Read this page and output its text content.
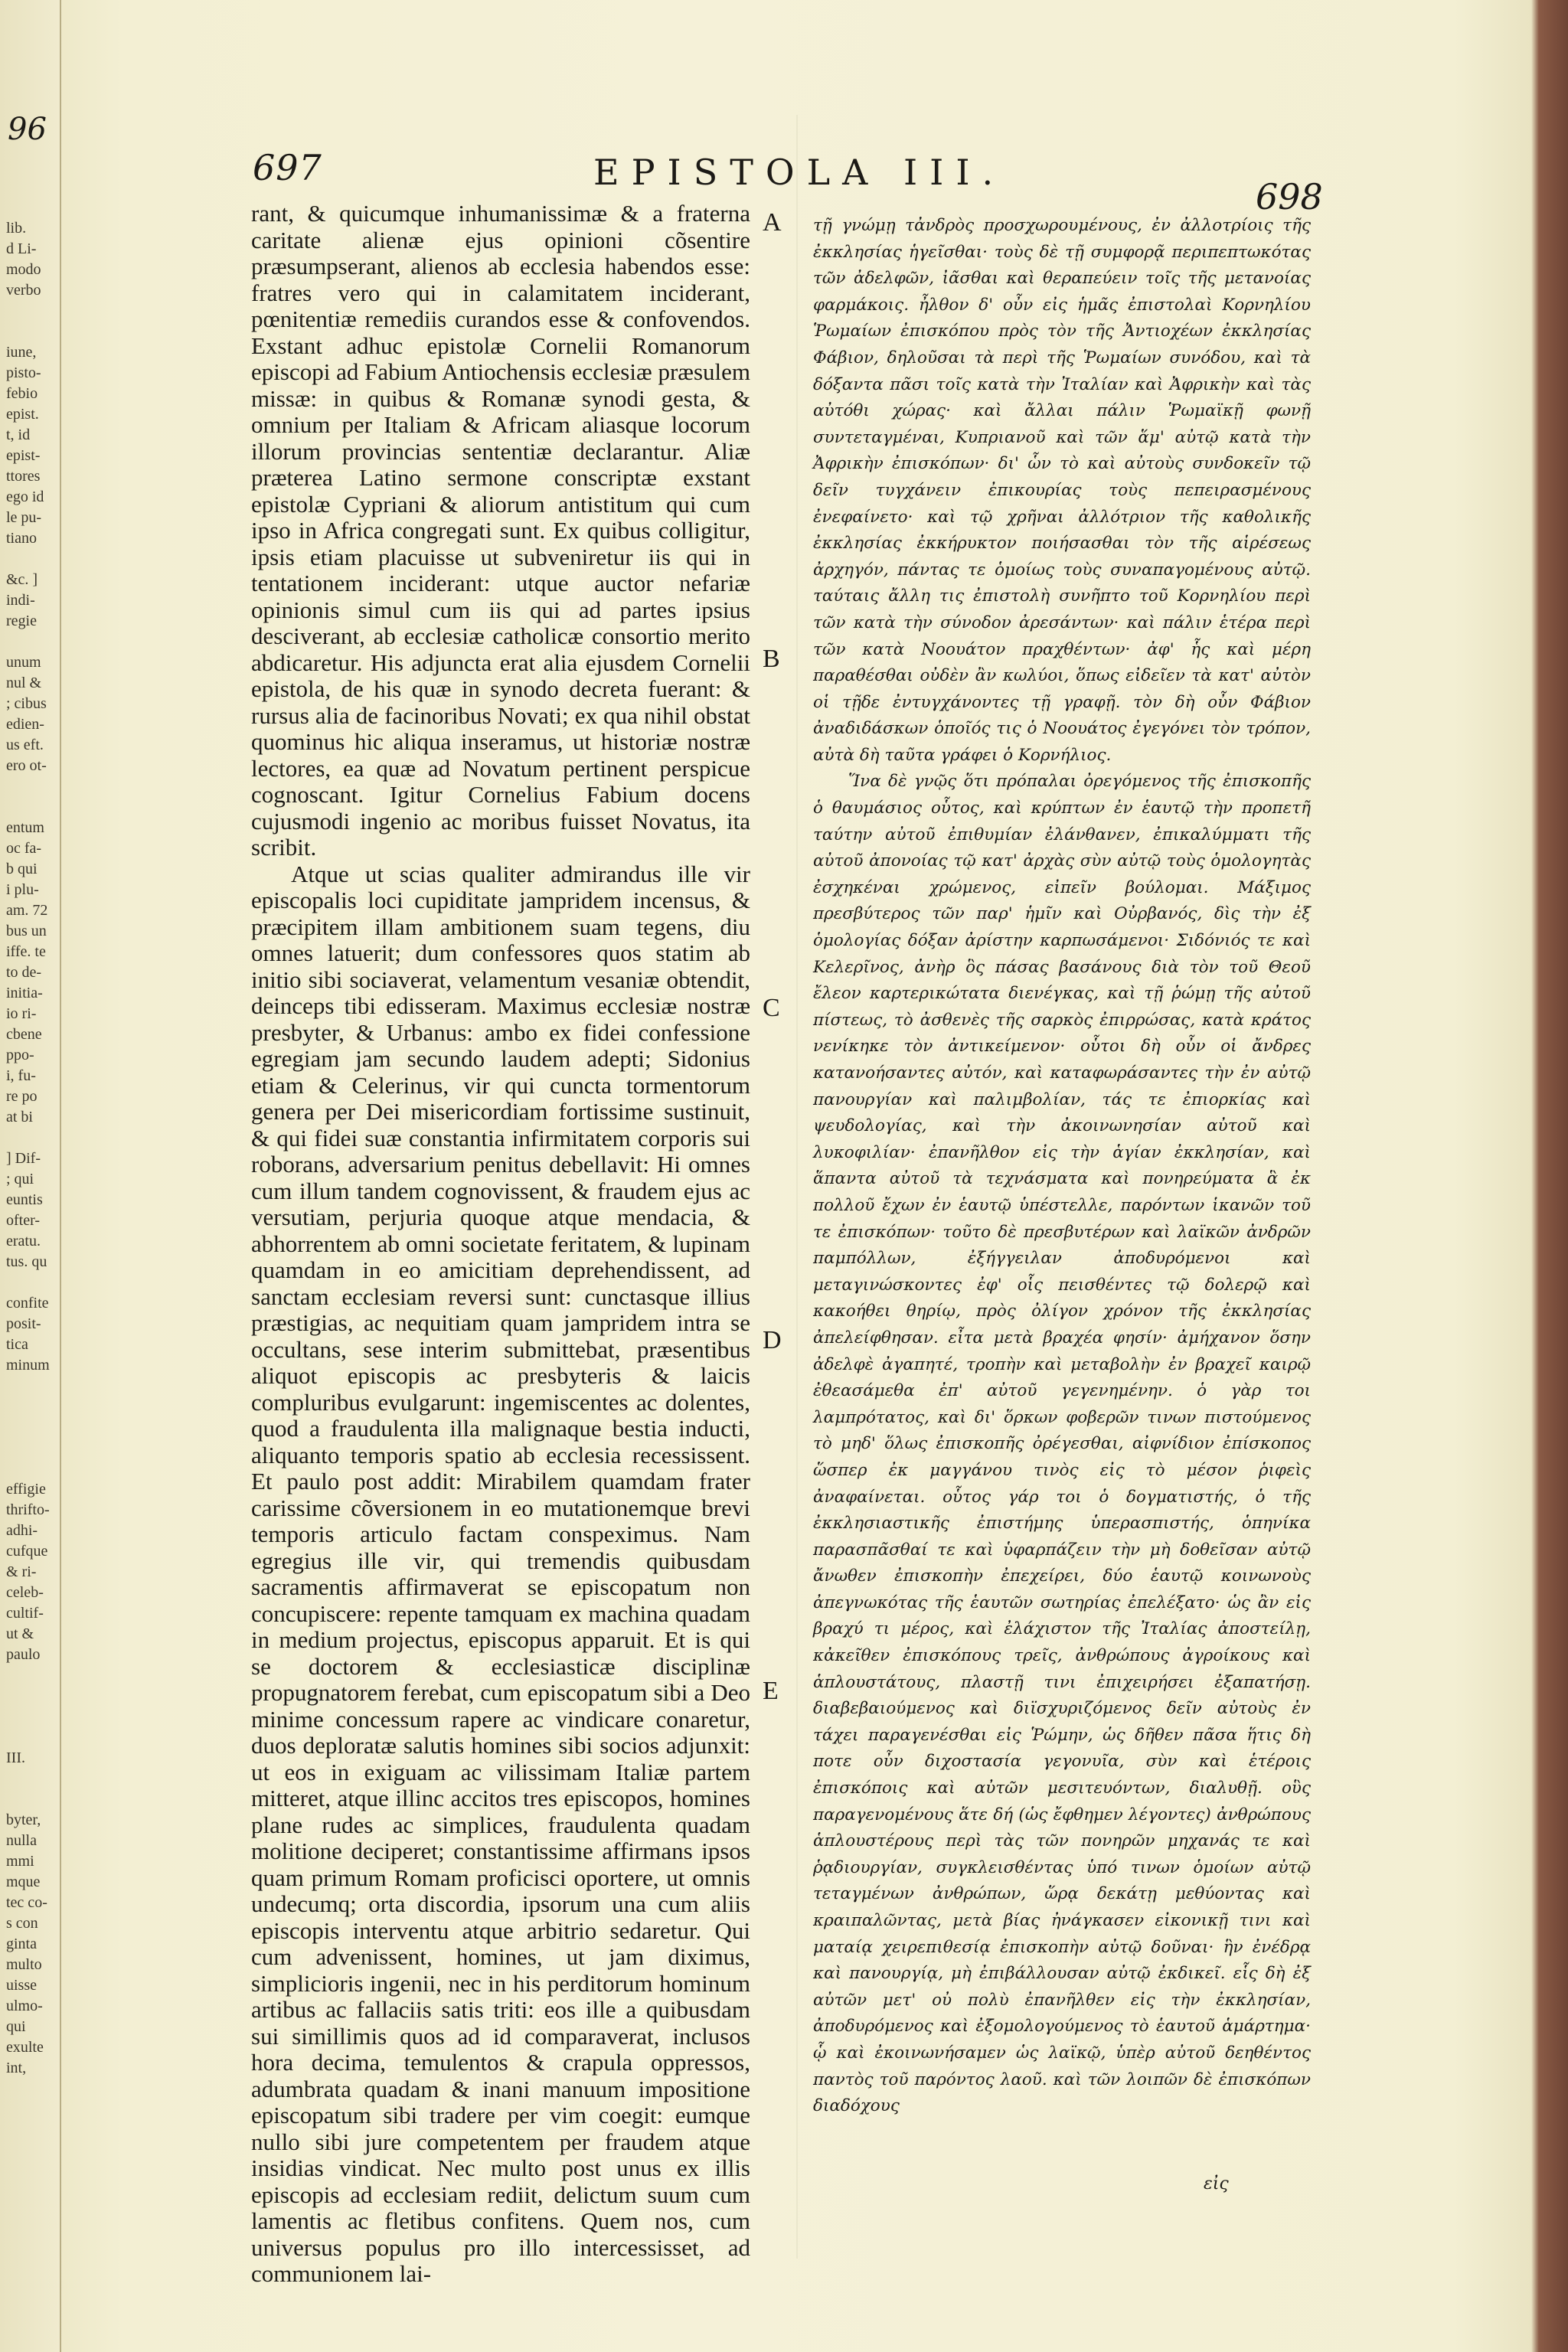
96

lib.
d Li-
modo
verbo

iune,
pisto-
febio
epist.
t, id
epist-
ttores
ego id
le pu-
tiano

&c. ]
indi-
regie

unum
nul &
; cibus
edien-
us eft.
ero ot-

entum
oc fa-
b qui
i plu-
am. 72
bus un
iffe. te
to de-
initia-
io ri-
cbene
ppo-
i, fu-
re po
at bi

] Dif-
; qui
euntis
ofter-
eratu.
tus. qu

confite
posit-
tica
minum

effigie
thrifto-
adhi-
cufque
& ri-
celeb-
cultif-
ut &
paulo

III.

byter,
nulla
mmi
mque
tec co-
s con
ginta
multo
uisse
ulmo-
qui
exulte
int,
697	EPISTOLA III.
698

rant, & quicumque inhumanissimæ & a fraterna caritate alienæ ejus opinioni cõsentire præsumpserant, alienos ab ecclesia habendos esse: fratres vero qui in calamitatem inciderant, pœnitentiæ remediis curandos esse & confovendos. Exstant adhuc epistolæ Cornelii Romanorum episcopi ad Fabium Antiochensis ecclesiæ præsulem missæ: in quibus & Romanæ synodi gesta, & omnium per Italiam & Africam aliasque locorum illorum provincias sententiæ declarantur. Aliæ præterea Latino sermone conscriptæ exstant epistolæ Cypriani & aliorum antistitum qui cum ipso in Africa congregati sunt. Ex quibus colligitur, ipsis etiam placuisse ut subveniretur iis qui in tentationem inciderant: utque auctor nefariæ opinionis simul cum iis qui ad partes ipsius desciverant, ab ecclesiæ catholicæ consortio merito abdicaretur. His adjuncta erat alia ejusdem Cornelii epistola, de his quæ in synodo decreta fuerant: & rursus alia de facinoribus Novati; ex qua nihil obstat quominus hic aliqua inseramus, ut historiæ nostræ lectores, ea quæ ad Novatum pertinent perspicue cognoscant. Igitur Cornelius Fabium docens cujusmodi ingenio ac moribus fuisset Novatus, ita scribit.

Atque ut scias qualiter admirandus ille vir episcopalis loci cupiditate jampridem incensus, & præcipitem illam ambitionem suam tegens, diu omnes latuerit; dum confessores quos statim ab initio sibi sociaverat, velamentum vesaniæ obtendit, deinceps tibi edisseram. Maximus ecclesiæ nostræ presbyter, & Urbanus: ambo ex fidei confessione egregiam jam secundo laudem adepti; Sidonius etiam & Celerinus, vir qui cuncta tormentorum genera per Dei misericordiam fortissime sustinuit, & qui fidei suæ constantia infirmitatem corporis sui roborans, adversarium penitus debellavit: Hi omnes cum illum tandem cognovissent, & fraudem ejus ac versutiam, perjuria quoque atque mendacia, & abhorrentem ab omni societate feritatem, & lupinam quamdam in eo amicitiam deprehendissent, ad sanctam ecclesiam reversi sunt: cunctasque illius præstigias, ac nequitiam quam jampridem intra se occultans, sese interim submittebat, præsentibus aliquot episcopis ac presbyteris & laicis compluribus evulgarunt: ingemiscentes ac dolentes, quod a fraudulenta illa malignaque bestia inducti, aliquanto temporis spatio ab ecclesia recessissent. Et paulo post addit: Mirabilem quamdam frater carissime cõversionem in eo mutationemque brevi temporis articulo factam conspeximus. Nam egregius ille vir, qui tremendis quibusdam sacramentis affirmaverat se episcopatum non concupiscere: repente tamquam ex machina quadam in medium projectus, episcopus apparuit. Et is qui se doctorem & ecclesiasticæ disciplinæ propugnatorem ferebat, cum episcopatum sibi a Deo minime concessum rapere ac vindicare conaretur, duos deploratæ salutis homines sibi socios adjunxit: ut eos in exiguam ac vilissimam Italiæ partem mitteret, atque illinc accitos tres episcopos, homines plane rudes ac simplices, fraudulenta quadam molitione deciperet; constantissime affirmans ipsos quam primum Romam proficisci oportere, ut omnis undecumq; orta discordia, ipsorum una cum aliis episcopis interventu atque arbitrio sedaretur. Qui cum advenissent, homines, ut jam diximus, simplicioris ingenii, nec in his perditorum hominum artibus ac fallaciis satis triti: eos ille a quibusdam sui simillimis quos ad id comparaverat, inclusos hora decima, temulentos & crapula oppressos, adumbrata quadam & inani manuum impositione episcopatum sibi tradere per vim coegit: eumque nullo sibi jure competentem per fraudem atque insidias vindicat. Nec multo post unus ex illis episcopis ad ecclesiam rediit, delictum suum cum lamentis ac fletibus confitens. Quem nos, cum universus populus pro illo intercessisset, ad communionem lai-

A
B
C
D
E

τῇ γνώμῃ τἀνδρὸς προσχωρουμένους, ἐν ἀλλοτρίοις τῆς ἐκκλησίας ἡγεῖσθαι· τοὺς δὲ τῇ συμφορᾷ περιπεπτωκότας τῶν ἀδελφῶν, ἰᾶσθαι καὶ θεραπεύειν τοῖς τῆς μετανοίας φαρμάκοις. ἦλθον δ' οὖν εἰς ἡμᾶς ἐπιστολαὶ Κορνηλίου Ῥωμαίων ἐπισκόπου πρὸς τὸν τῆς Ἀντιοχέων ἐκκλησίας Φάβιον, δηλοῦσαι τὰ περὶ τῆς Ῥωμαίων συνόδου, καὶ τὰ δόξαντα πᾶσι τοῖς κατὰ τὴν Ἰταλίαν καὶ Ἀφρικὴν καὶ τὰς αὐτόθι χώρας· καὶ ἄλλαι πάλιν Ῥωμαϊκῇ φωνῇ συντεταγμέναι, Κυπριανοῦ καὶ τῶν ἅμ' αὐτῷ κατὰ τὴν Ἀφρικὴν ἐπισκόπων· δι' ὧν τὸ καὶ αὐτοὺς συνδοκεῖν τῷ δεῖν τυγχάνειν ἐπικουρίας τοὺς πεπειρασμένους ἐνεφαίνετο· καὶ τῷ χρῆναι ἀλλότριον τῆς καθολικῆς ἐκκλησίας ἐκκήρυκτον ποιήσασθαι τὸν τῆς αἱρέσεως ἀρχηγόν, πάντας τε ὁμοίως τοὺς συναπαγομένους αὐτῷ. ταύταις ἄλλη τις ἐπιστολὴ συνῆπτο τοῦ Κορνηλίου περὶ τῶν κατὰ τὴν σύνοδον ἀρεσάντων· καὶ πάλιν ἑτέρα περὶ τῶν κατὰ Νοουάτον πραχθέντων· ἀφ' ἧς καὶ μέρη παραθέσθαι οὐδὲν ἂν κωλύοι, ὅπως εἰδεῖεν τὰ κατ' αὐτὸν οἱ τῇδε ἐντυγχάνοντες τῇ γραφῇ. τὸν δὴ οὖν Φάβιον ἀναδιδάσκων ὁποῖός τις ὁ Νοουάτος ἐγεγόνει τὸν τρόπον, αὐτὰ δὴ ταῦτα γράφει ὁ Κορνήλιος.

Ἵνα δὲ γνῷς ὅτι πρόπαλαι ὀρεγόμενος τῆς ἐπισκοπῆς ὁ θαυμάσιος οὗτος, καὶ κρύπτων ἐν ἑαυτῷ τὴν προπετῆ ταύτην αὐτοῦ ἐπιθυμίαν ἐλάνθανεν, ἐπικαλύμματι τῆς αὐτοῦ ἀπονοίας τῷ κατ' ἀρχὰς σὺν αὐτῷ τοὺς ὁμολογητὰς ἐσχηκέναι χρώμενος, εἰπεῖν βούλομαι. Μάξιμος πρεσβύτερος τῶν παρ' ἡμῖν καὶ Οὐρβανός, δὶς τὴν ἐξ ὁμολογίας δόξαν ἀρίστην καρπωσάμενοι· Σιδόνιός τε καὶ Κελερῖνος, ἀνὴρ ὃς πάσας βασάνους διὰ τὸν τοῦ Θεοῦ ἔλεον καρτερικώτατα διενέγκας, καὶ τῇ ῥώμῃ τῆς αὐτοῦ πίστεως, τὸ ἀσθενὲς τῆς σαρκὸς ἐπιρρώσας, κατὰ κράτος νενίκηκε τὸν ἀντικείμενον· οὗτοι δὴ οὖν οἱ ἄνδρες κατανοήσαντες αὐτόν, καὶ καταφωράσαντες τὴν ἐν αὐτῷ πανουργίαν καὶ παλιμβολίαν, τάς τε ἐπιορκίας καὶ ψευδολογίας, καὶ τὴν ἀκοινωνησίαν αὐτοῦ καὶ λυκοφιλίαν· ἐπανῆλθον εἰς τὴν ἁγίαν ἐκκλησίαν, καὶ ἅπαντα αὐτοῦ τὰ τεχνάσματα καὶ πονηρεύματα ἃ ἐκ πολλοῦ ἔχων ἐν ἑαυτῷ ὑπέστελλε, παρόντων ἱκανῶν τοῦ τε ἐπισκόπων· τοῦτο δὲ πρεσβυτέρων καὶ λαϊκῶν ἀνδρῶν παμπόλλων, ἐξήγγειλαν ἀποδυρόμενοι καὶ μεταγινώσκοντες ἐφ' οἷς πεισθέντες τῷ δολερῷ καὶ κακοήθει θηρίῳ, πρὸς ὀλίγον χρόνον τῆς ἐκκλησίας ἀπελείφθησαν. εἶτα μετὰ βραχέα φησίν· ἀμήχανον ὅσην ἀδελφὲ ἀγαπητέ, τροπὴν καὶ μεταβολὴν ἐν βραχεῖ καιρῷ ἐθεασάμεθα ἐπ' αὐτοῦ γεγενημένην. ὁ γὰρ τοι λαμπρότατος, καὶ δι' ὅρκων φοβερῶν τινων πιστούμενος τὸ μηδ' ὅλως ἐπισκοπῆς ὀρέγεσθαι, αἰφνίδιον ἐπίσκοπος ὥσπερ ἐκ μαγγάνου τινὸς εἰς τὸ μέσον ῥιφεὶς ἀναφαίνεται. οὗτος γάρ τοι ὁ δογματιστής, ὁ τῆς ἐκκλησιαστικῆς ἐπιστήμης ὑπερασπιστής, ὁπηνίκα παρασπᾶσθαί τε καὶ ὑφαρπάζειν τὴν μὴ δοθεῖσαν αὐτῷ ἄνωθεν ἐπισκοπὴν ἐπεχείρει, δύο ἑαυτῷ κοινωνοὺς ἀπεγνωκότας τῆς ἑαυτῶν σωτηρίας ἐπελέξατο· ὡς ἂν εἰς βραχύ τι μέρος, καὶ ἐλάχιστον τῆς Ἰταλίας ἀποστείλῃ, κἀκεῖθεν ἐπισκόπους τρεῖς, ἀνθρώπους ἀγροίκους καὶ ἁπλουστάτους, πλαστῇ τινι ἐπιχειρήσει ἐξαπατήσῃ. διαβεβαιούμενος καὶ διϊσχυριζόμενος δεῖν αὐτοὺς ἐν τάχει παραγενέσθαι εἰς Ῥώμην, ὡς δῆθεν πᾶσα ἥτις δὴ ποτε οὖν διχοστασία γεγονυῖα, σὺν καὶ ἑτέροις ἐπισκόποις καὶ αὐτῶν μεσιτευόντων, διαλυθῇ. οὓς παραγενομένους ἅτε δή (ὡς ἔφθημεν λέγοντες) ἀνθρώπους ἁπλουστέρους περὶ τὰς τῶν πονηρῶν μηχανάς τε καὶ ῥᾳδιουργίαν, συγκλεισθέντας ὑπό τινων ὁμοίων αὐτῷ τεταγμένων ἀνθρώπων, ὥρᾳ δεκάτῃ μεθύοντας καὶ κραιπαλῶντας, μετὰ βίας ἠνάγκασεν εἰκονικῇ τινι καὶ ματαίᾳ χειρεπιθεσίᾳ ἐπισκοπὴν αὐτῷ δοῦναι· ἣν ἐνέδρᾳ καὶ πανουργίᾳ, μὴ ἐπιβάλλουσαν αὐτῷ ἐκδικεῖ. εἷς δὴ ἐξ αὐτῶν μετ' οὐ πολὺ ἐπανῆλθεν εἰς τὴν ἐκκλησίαν, ἀποδυρόμενος καὶ ἐξομολογούμενος τὸ ἑαυτοῦ ἁμάρτημα· ᾧ καὶ ἐκοινωνήσαμεν ὡς λαϊκῷ, ὑπὲρ αὐτοῦ δεηθέντος παντὸς τοῦ παρόντος λαοῦ. καὶ τῶν λοιπῶν δὲ ἐπισκόπων διαδόχους

εἰς
